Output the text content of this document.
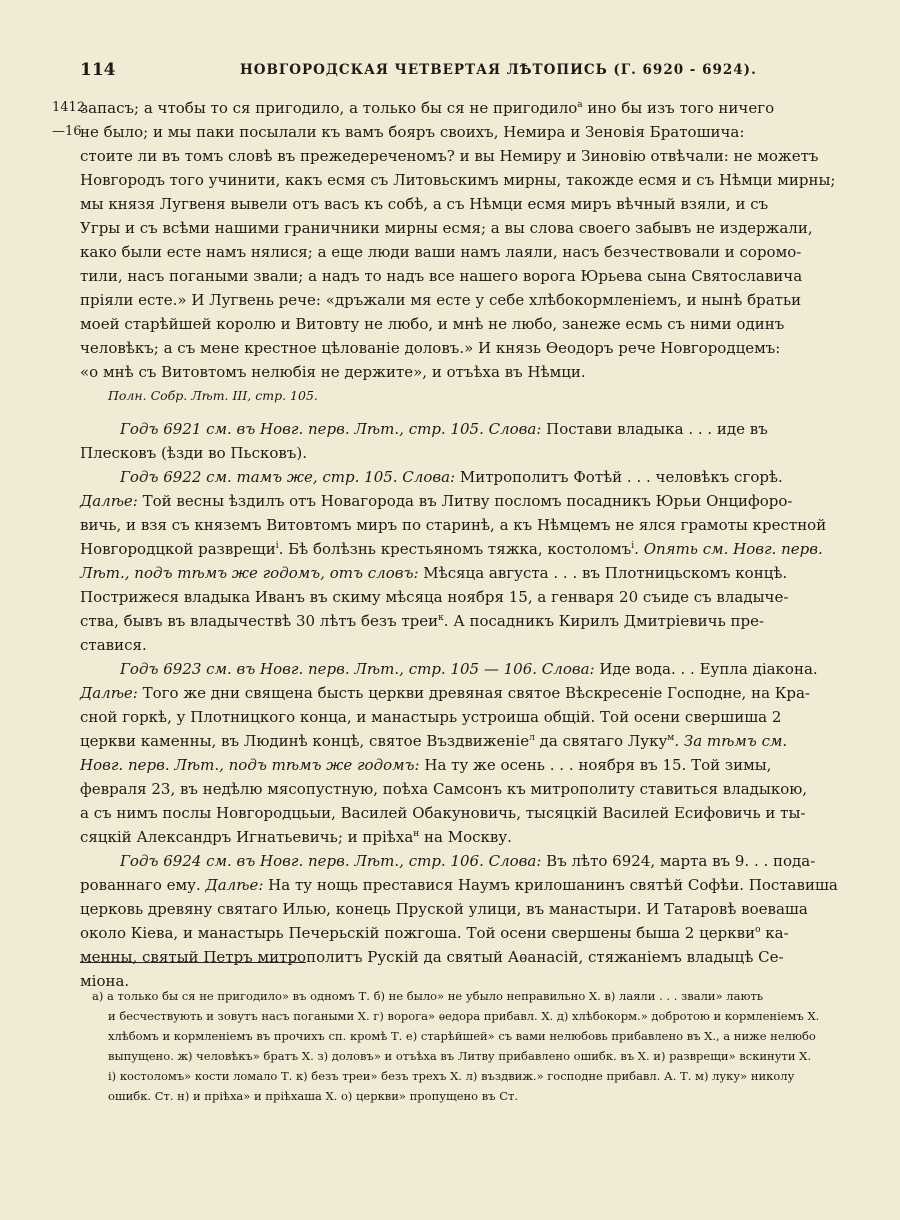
114	НОВГОРОДСКАЯ ЧЕТВЕРТАЯ ЛѢТОПИСЬ (Г. 6920 - 6924).
1412
запасъ; а чтобы то ся пригодило, а только бы ся не пригодило$^а$ ино бы изъ того ничего
—16
не было; и мы паки посылали къ вамъ бояръ своихъ, Немира и Зеновія Братошича:
стоите ли въ томъ словѣ въ прежедереченомъ? и вы Немиру и Зиновію отвѣчали: не можетъ
Новгородъ того учинити, какъ есмя съ Литовьскимъ мирны, такожде есмя и съ Нѣмци мирны;
мы князя Лугвеня вывели отъ васъ къ собѣ, а съ Нѣмци есмя миръ вѣчный взяли, и съ
Угры и съ всѣми нашими граничники мирны есмя; а вы слова своего забывъ не издержали,
како были есте намъ нялися; а еще люди ваши намъ лаяли, насъ безчествовали и соромо-
тили, насъ погаными звали; а надъ то надъ все нашего ворога Юрьева сына Святославича
пріяли есте.» И Лугвень рече: «дръжали мя есте у себе хлѣбокормленіемъ, и нынѣ братьи
моей старѣйшей королю и Витовту не любо, и мнѣ не любо, занеже есмь съ ними одинъ
человѣкъ; а съ мене крестное цѣлованіе доловъ.» И князь Ѳеодоръ рече Новгородцемъ:
«о мнѣ съ Витовтомъ нелюбія не держите», и отъѣха въ Нѣмци.
Полн. Собр. Лѣт. III, стр. 105.
Годъ 6921 см. въ Новг. перв. Лѣт., стр. 105. Слова: Постави владыка . . . иде въ
Плесковъ (ѣзди во Пьсковъ).
Годъ 6922 см. тамъ же, стр. 105. Слова: Митрополитъ Фотѣй . . . человѣкъ сгорѣ.
Далѣе: Той весны ѣздилъ отъ Новагорода въ Литву посломъ посадникъ Юрьи Онцифоро-
вичь, и взя съ княземъ Витовтомъ миръ по старинѣ, а къ Нѣмцемъ не ялся грамоты крестной
Новгородцкой разврещи$^і$. Бѣ болѣзнь крестьяномъ тяжка, костоломъ$^і$. Опять см. Новг. перв.
Лѣт., подъ тѣмъ же годомъ, отъ словъ: Мѣсяца августа . . . въ Плотницьскомъ концѣ.
Пострижеся владыка Иванъ въ скиму мѣсяца ноября 15, а генваря 20 съиде съ владыче-
ства, бывъ въ владычествѣ 30 лѣтъ безъ треи$^к$. А посадникъ Кирилъ Дмитріевичь пре-
ставися.
Годъ 6923 см. въ Новг. перв. Лѣт., стр. 105 — 106. Слова: Иде вода. . . Еупла діакона.
Далѣе: Того же дни священа бысть церкви древяная святое Вѣскресеніе Господне, на Кра-
сной горкѣ, у Плотницкого конца, и манастырь устроиша общій. Той осени свершиша 2
церкви каменны, въ Людинѣ концѣ, святое Въздвиженіе$^л$ да святаго Луку$^м$. За тѣмъ см.
Новг. перв. Лѣт., подъ тѣмъ же годомъ: На ту же осень . . . ноября въ 15. Той зимы,
февраля 23, въ недѣлю мясопустную, поѣха Самсонъ къ митрополиту ставиться владыкою,
а съ нимъ послы Новгородцьыи, Василей Обакуновичь, тысяцкій Василей Есифовичь и ты-
сяцкій Александръ Игнатьевичь; и пріѣха$^н$ на Москву.
Годъ 6924 см. въ Новг. перв. Лѣт., стр. 106. Слова: Въ лѣто 6924, марта въ 9. . . пода-
рованнаго ему. Далѣе: На ту нощь преставися Наумъ крилошанинъ святѣй Софѣи. Поставиша
церковь древяну святаго Илью, конець Пруской улици, въ манастыри. И Татаровѣ воеваша
около Кіева, и манастырь Печерьскій пожгоша. Той осени свершены быша 2 церкви$^о$ ка-
менны, святый Петръ митрополитъ Рускій да святый Аѳанасій, стяжаніемъ владыцѣ Се-
міона.
а) а только бы ся не пригодило» въ одномъ Т. б) не было» не убыло неправильно Х. в) лаяли . . . звали» лають
и бесчествують и зовутъ насъ погаными Х. г) ворога» ѳедора прибавл. Х. д) хлѣбокорм.» добротою и кормленіемъ Х.
хлѣбомъ и кормленіемъ въ прочихъ сп. кромѣ Т. е) старѣйшей» съ вами нелюбовь прибавлено въ Х., а ниже нелюбо
выпущено. ж) человѣкъ» братъ Х. з) доловъ» и отъѣха въ Литву прибавлено ошибк. въ Х. и) разврещи» вскинути Х.
і) костоломъ» кости ломало Т. к) безъ треи» безъ трехъ Х. л) въздвиж.» господне прибавл. А. Т. м) луку» николу
ошибк. Ст. н) и пріѣха» и пріѣхаша Х. о) церкви» пропущено въ Ст.
